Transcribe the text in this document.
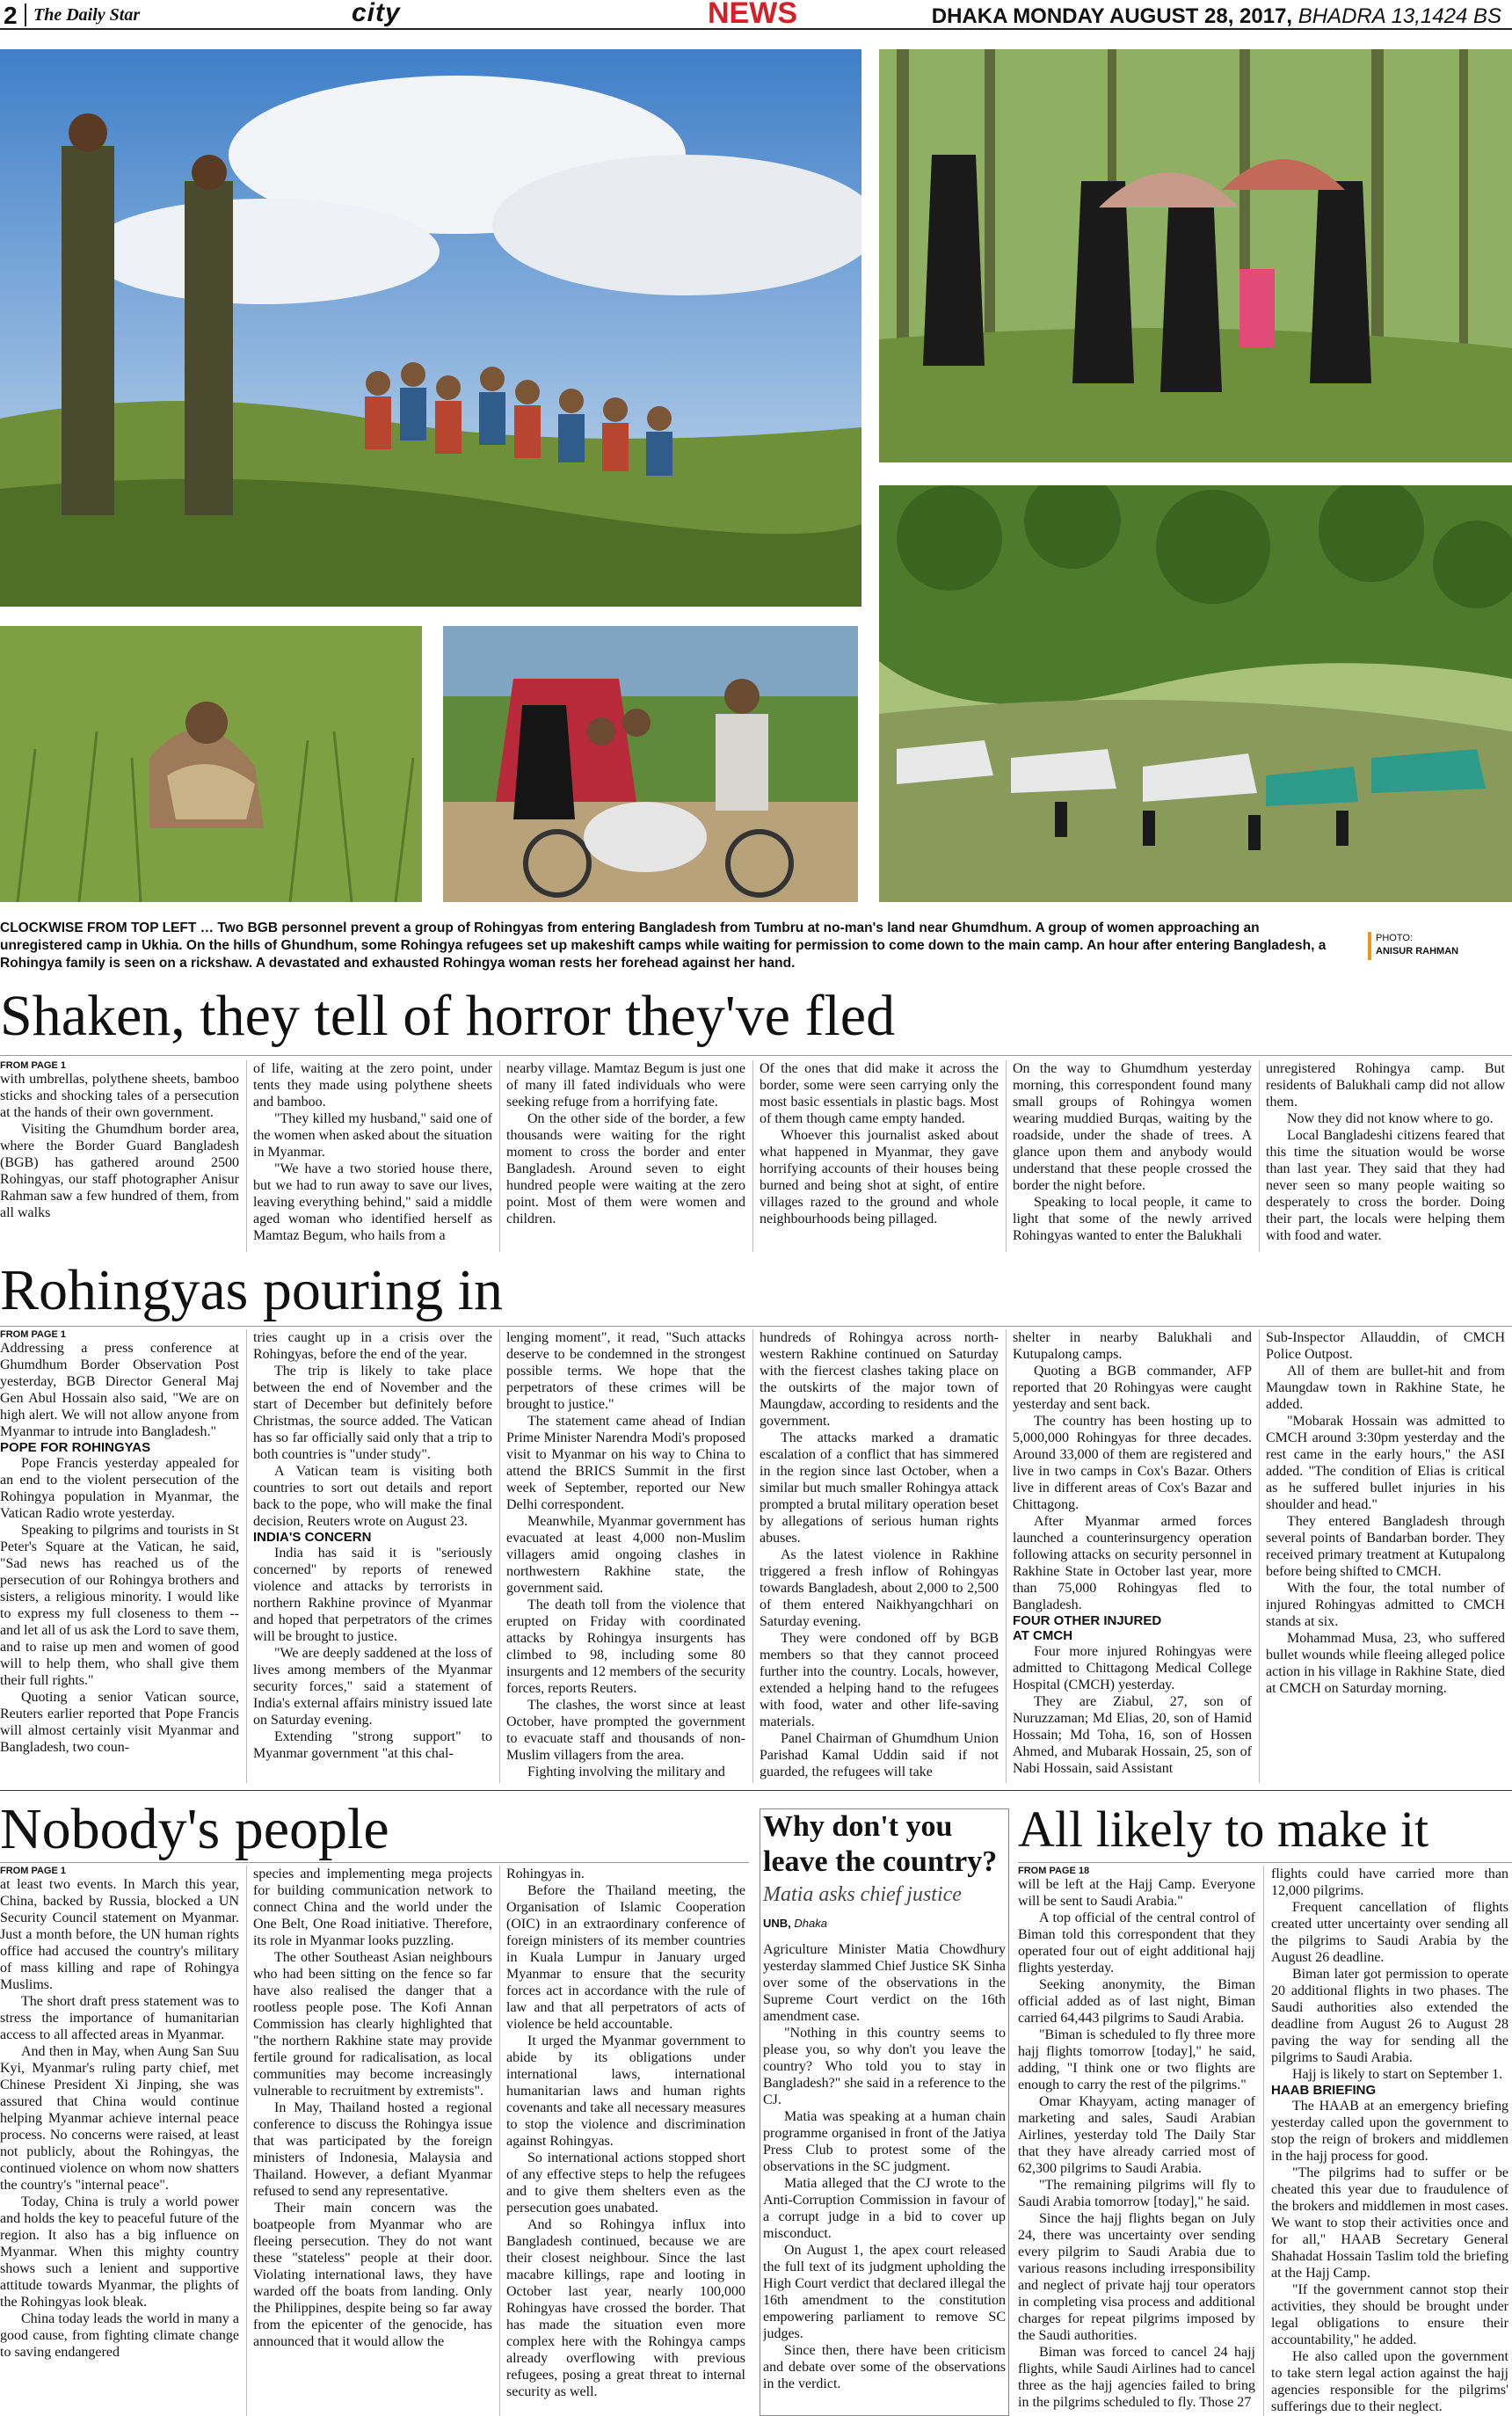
2 The Daily Star	city	NEWS	DHAKA MONDAY AUGUST 28, 2017, BHADRA 13,1424 BS

CLOCKWISE FROM TOP LEFT … Two BGB personnel prevent a group of Rohingyas from entering Bangladesh from Tumbru at no-man's land near Ghumdhum. A group of women approaching an unregistered camp in Ukhia. On the hills of Ghundhum, some Rohingya refugees set up makeshift camps while waiting for permission to come down to the main camp. An hour after entering Bangladesh, a Rohingya family is seen on a rickshaw. A devastated and exhausted Rohingya woman rests her forehead against her hand.

PHOTO:
ANISUR RAHMAN
Shaken, they tell of horror they've fled
FROM PAGE 1

with umbrellas, polythene sheets, bamboo sticks and shocking tales of a persecution at the hands of their own government.

Visiting the Ghumdhum border area, where the Border Guard Bangladesh (BGB) has gathered around 2500 Rohingyas, our staff photographer Anisur Rahman saw a few hundred of them, from all walks

of life, waiting at the zero point, under tents they made using polythene sheets and bamboo.

"They killed my husband," said one of the women when asked about the situation in Myanmar.

"We have a two storied house there, but we had to run away to save our lives, leaving everything behind," said a middle aged woman who identified herself as Mamtaz Begum, who hails from a

nearby village. Mamtaz Begum is just one of many ill fated individuals who were seeking refuge from a horrifying fate.

On the other side of the border, a few thousands were waiting for the right moment to cross the border and enter Bangladesh. Around seven to eight hundred people were waiting at the zero point. Most of them were women and children.

Of the ones that did make it across the border, some were seen carrying only the most basic essentials in plastic bags. Most of them though came empty handed.

Whoever this journalist asked about what happened in Myanmar, they gave horrifying accounts of their houses being burned and being shot at sight, of entire villages razed to the ground and whole neighbourhoods being pillaged.

On the way to Ghumdhum yesterday morning, this correspondent found many small groups of Rohingya women wearing muddied Burqas, waiting by the roadside, under the shade of trees. A glance upon them and anybody would understand that these people crossed the border the night before.

Speaking to local people, it came to light that some of the newly arrived Rohingyas wanted to enter the Balukhali

unregistered Rohingya camp. But residents of Balukhali camp did not allow them.

Now they did not know where to go.

Local Bangladeshi citizens feared that this time the situation would be worse than last year. They said that they had never seen so many people waiting so desperately to cross the border. Doing their part, the locals were helping them with food and water.

Rohingyas pouring in
FROM PAGE 1

Addressing a press conference at Ghumdhum Border Observation Post yesterday, BGB Director General Maj Gen Abul Hossain also said, "We are on high alert. We will not allow anyone from Myanmar to intrude into Bangladesh."

POPE FOR ROHINGYAS

Pope Francis yesterday appealed for an end to the violent persecution of the Rohingya population in Myanmar, the Vatican Radio wrote yesterday.

Speaking to pilgrims and tourists in St Peter's Square at the Vatican, he said, "Sad news has reached us of the persecution of our Rohingya brothers and sisters, a religious minority. I would like to express my full closeness to them -- and let all of us ask the Lord to save them, and to raise up men and women of good will to help them, who shall give them their full rights."

Quoting a senior Vatican source, Reuters earlier reported that Pope Francis will almost certainly visit Myanmar and Bangladesh, two coun-

tries caught up in a crisis over the Rohingyas, before the end of the year.

The trip is likely to take place between the end of November and the start of December but definitely before Christmas, the source added. The Vatican has so far officially said only that a trip to both countries is "under study".

A Vatican team is visiting both countries to sort out details and report back to the pope, who will make the final decision, Reuters wrote on August 23.

INDIA'S CONCERN

India has said it is "seriously concerned" by reports of renewed violence and attacks by terrorists in northern Rakhine province of Myanmar and hoped that perpetrators of the crimes will be brought to justice.

"We are deeply saddened at the loss of lives among members of the Myanmar security forces," said a statement of India's external affairs ministry issued late on Saturday evening.

Extending "strong support" to Myanmar government "at this chal-

lenging moment", it read, "Such attacks deserve to be condemned in the strongest possible terms. We hope that the perpetrators of these crimes will be brought to justice."

The statement came ahead of Indian Prime Minister Narendra Modi's proposed visit to Myanmar on his way to China to attend the BRICS Summit in the first week of September, reported our New Delhi correspondent.

Meanwhile, Myanmar government has evacuated at least 4,000 non-Muslim villagers amid ongoing clashes in northwestern Rakhine state, the government said.

The death toll from the violence that erupted on Friday with coordinated attacks by Rohingya insurgents has climbed to 98, including some 80 insurgents and 12 members of the security forces, reports Reuters.

The clashes, the worst since at least October, have prompted the government to evacuate staff and thousands of non-Muslim villagers from the area.

Fighting involving the military and

hundreds of Rohingya across north-western Rakhine continued on Saturday with the fiercest clashes taking place on the outskirts of the major town of Maungdaw, according to residents and the government.

The attacks marked a dramatic escalation of a conflict that has simmered in the region since last October, when a similar but much smaller Rohingya attack prompted a brutal military operation beset by allegations of serious human rights abuses.

As the latest violence in Rakhine triggered a fresh inflow of Rohingyas towards Bangladesh, about 2,000 to 2,500 of them entered Naikhyangchhari on Saturday evening.

They were condoned off by BGB members so that they cannot proceed further into the country. Locals, however, extended a helping hand to the refugees with food, water and other life-saving materials.

Panel Chairman of Ghumdhum Union Parishad Kamal Uddin said if not guarded, the refugees will take

shelter in nearby Balukhali and Kutupalong camps.

Quoting a BGB commander, AFP reported that 20 Rohingyas were caught yesterday and sent back.

The country has been hosting up to 5,000,000 Rohingyas for three decades. Around 33,000 of them are registered and live in two camps in Cox's Bazar. Others live in different areas of Cox's Bazar and Chittagong.

After Myanmar armed forces launched a counterinsurgency operation following attacks on security personnel in Rakhine State in October last year, more than 75,000 Rohingyas fled to Bangladesh.

FOUR OTHER INJURED
AT CMCH

Four more injured Rohingyas were admitted to Chittagong Medical College Hospital (CMCH) yesterday.

They are Ziabul, 27, son of Nuruzzaman; Md Elias, 20, son of Hamid Hossain; Md Toha, 16, son of Hossen Ahmed, and Mubarak Hossain, 25, son of Nabi Hossain, said Assistant

Sub-Inspector Allauddin, of CMCH Police Outpost.

All of them are bullet-hit and from Maungdaw town in Rakhine State, he added.

"Mobarak Hossain was admitted to CMCH around 3:30pm yesterday and the rest came in the early hours," the ASI added. "The condition of Elias is critical as he suffered bullet injuries in his shoulder and head."

They entered Bangladesh through several points of Bandarban border. They received primary treatment at Kutupalong before being shifted to CMCH.

With the four, the total number of injured Rohingyas admitted to CMCH stands at six.

Mohammad Musa, 23, who suffered bullet wounds while fleeing alleged police action in his village in Rakhine State, died at CMCH on Saturday morning.

Nobody's people
FROM PAGE 1

at least two events. In March this year, China, backed by Russia, blocked a UN Security Council statement on Myanmar. Just a month before, the UN human rights office had accused the country's military of mass killing and rape of Rohingya Muslims.

The short draft press statement was to stress the importance of humanitarian access to all affected areas in Myanmar.

And then in May, when Aung San Suu Kyi, Myanmar's ruling party chief, met Chinese President Xi Jinping, she was assured that China would continue helping Myanmar achieve internal peace process. No concerns were raised, at least not publicly, about the Rohingyas, the continued violence on whom now shatters the country's "internal peace".

Today, China is truly a world power and holds the key to peaceful future of the region. It also has a big influence on Myanmar. When this mighty country shows such a lenient and supportive attitude towards Myanmar, the plights of the Rohingyas look bleak.

China today leads the world in many a good cause, from fighting climate change to saving endangered

species and implementing mega projects for building communication network to connect China and the world under the One Belt, One Road initiative. Therefore, its role in Myanmar looks puzzling.

The other Southeast Asian neighbours who had been sitting on the fence so far have also realised the danger that a rootless people pose. The Kofi Annan Commission has clearly highlighted that "the northern Rakhine state may provide fertile ground for radicalisation, as local communities may become increasingly vulnerable to recruitment by extremists".

In May, Thailand hosted a regional conference to discuss the Rohingya issue that was participated by the foreign ministers of Indonesia, Malaysia and Thailand. However, a defiant Myanmar refused to send any representative.

Their main concern was the boatpeople from Myanmar who are fleeing persecution. They do not want these "stateless" people at their door. Violating international laws, they have warded off the boats from landing. Only the Philippines, despite being so far away from the epicenter of the genocide, has announced that it would allow the

Rohingyas in.

Before the Thailand meeting, the Organisation of Islamic Cooperation (OIC) in an extraordinary conference of foreign ministers of its member countries in Kuala Lumpur in January urged Myanmar to ensure that the security forces act in accordance with the rule of law and that all perpetrators of acts of violence be held accountable.

It urged the Myanmar government to abide by its obligations under international laws, international humanitarian laws and human rights covenants and take all necessary measures to stop the violence and discrimination against Rohingyas.

So international actions stopped short of any effective steps to help the refugees and to give them shelters even as the persecution goes unabated.

And so Rohingya influx into Bangladesh continued, because we are their closest neighbour. Since the last macabre killings, rape and looting in October last year, nearly 100,000 Rohingyas have crossed the border. That has made the situation even more complex here with the Rohingya camps already overflowing with previous refugees, posing a great threat to internal security as well.

Why don't you leave the country?
Matia asks chief justice
UNB, Dhaka

Agriculture Minister Matia Chowdhury yesterday slammed Chief Justice SK Sinha over some of the observations in the Supreme Court verdict on the 16th amendment case.

"Nothing in this country seems to please you, so why don't you leave the country? Who told you to stay in Bangladesh?" she said in a reference to the CJ.

Matia was speaking at a human chain programme organised in front of the Jatiya Press Club to protest some of the observations in the SC judgment.

Matia alleged that the CJ wrote to the Anti-Corruption Commission in favour of a corrupt judge in a bid to cover up misconduct.

On August 1, the apex court released the full text of its judgment upholding the High Court verdict that declared illegal the 16th amendment to the constitution empowering parliament to remove SC judges.

Since then, there have been criticism and debate over some of the observations in the verdict.

All likely to make it
FROM PAGE 18

will be left at the Hajj Camp. Everyone will be sent to Saudi Arabia."

A top official of the central control of Biman told this correspondent that they operated four out of eight additional hajj flights yesterday.

Seeking anonymity, the Biman official added as of last night, Biman carried 64,443 pilgrims to Saudi Arabia.

"Biman is scheduled to fly three more hajj flights tomorrow [today]," he said, adding, "I think one or two flights are enough to carry the rest of the pilgrims."

Omar Khayyam, acting manager of marketing and sales, Saudi Arabian Airlines, yesterday told The Daily Star that they have already carried most of 62,300 pilgrims to Saudi Arabia.

"The remaining pilgrims will fly to Saudi Arabia tomorrow [today]," he said.

Since the hajj flights began on July 24, there was uncertainty over sending every pilgrim to Saudi Arabia due to various reasons including irresponsibility and neglect of private hajj tour operators in completing visa process and additional charges for repeat pilgrims imposed by the Saudi authorities.

Biman was forced to cancel 24 hajj flights, while Saudi Airlines had to cancel three as the hajj agencies failed to bring in the pilgrims scheduled to fly. Those 27

flights could have carried more than 12,000 pilgrims.

Frequent cancellation of flights created utter uncertainty over sending all the pilgrims to Saudi Arabia by the August 26 deadline.

Biman later got permission to operate 20 additional flights in two phases. The Saudi authorities also extended the deadline from August 26 to August 28 paving the way for sending all the pilgrims to Saudi Arabia.

Hajj is likely to start on September 1.

HAAB BRIEFING

The HAAB at an emergency briefing yesterday called upon the government to stop the reign of brokers and middlemen in the hajj process for good.

"The pilgrims had to suffer or be cheated this year due to fraudulence of the brokers and middlemen in most cases. We want to stop their activities once and for all," HAAB Secretary General Shahadat Hossain Taslim told the briefing at the Hajj Camp.

"If the government cannot stop their activities, they should be brought under legal obligations to ensure their accountability," he added.

He also called upon the government to take stern legal action against the hajj agencies responsible for the pilgrims' sufferings due to their neglect.
